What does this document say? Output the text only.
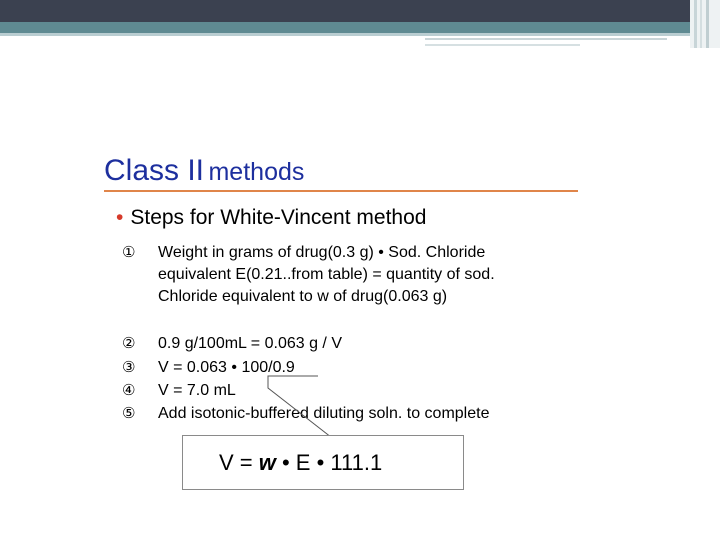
Class II methods
• Steps for White-Vincent method
① Weight in grams of drug(0.3 g) • Sod. Chloride
equivalent E(0.21..from table) = quantity of sod.
Chloride equivalent to w of drug(0.063 g)
② 0.9 g/100mL = 0.063 g / V
③ V = 0.063 • 100/0.9
④ V = 7.0 mL
⑤ Add isotonic-buffered diluting soln. to complete
V = w • E • 111.1
